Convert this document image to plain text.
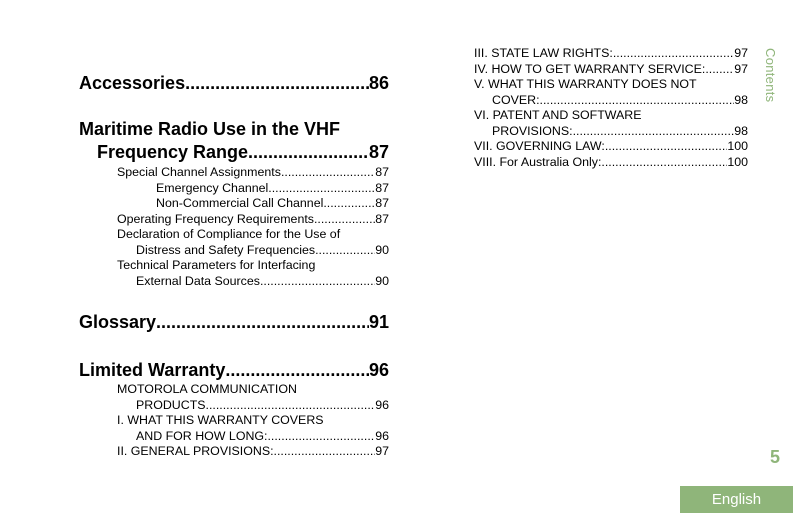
Accessories .....	86
Maritime Radio Use in the VHF
Frequency Range .....	87
Special Channel Assignments .....	87
Emergency Channel .....	87
Non-Commercial Call Channel .....	87
Operating Frequency Requirements .....	87
Declaration of Compliance for the Use of
Distress and Safety Frequencies .....	90
Technical Parameters for Interfacing
External Data Sources .....	90
Glossary .....	91
Limited Warranty .....	96
MOTOROLA COMMUNICATION
PRODUCTS .....	96
I. WHAT THIS WARRANTY COVERS
AND FOR HOW LONG: .....	96
II. GENERAL PROVISIONS: .....	97
III. STATE LAW RIGHTS: .....	97
IV. HOW TO GET WARRANTY SERVICE: ..... 97
V. WHAT THIS WARRANTY DOES NOT
COVER: .....	98
VI. PATENT AND SOFTWARE
PROVISIONS: .....	98
VII. GOVERNING LAW: .....	100
VIII. For Australia Only: .....	100
Contents
5
English
